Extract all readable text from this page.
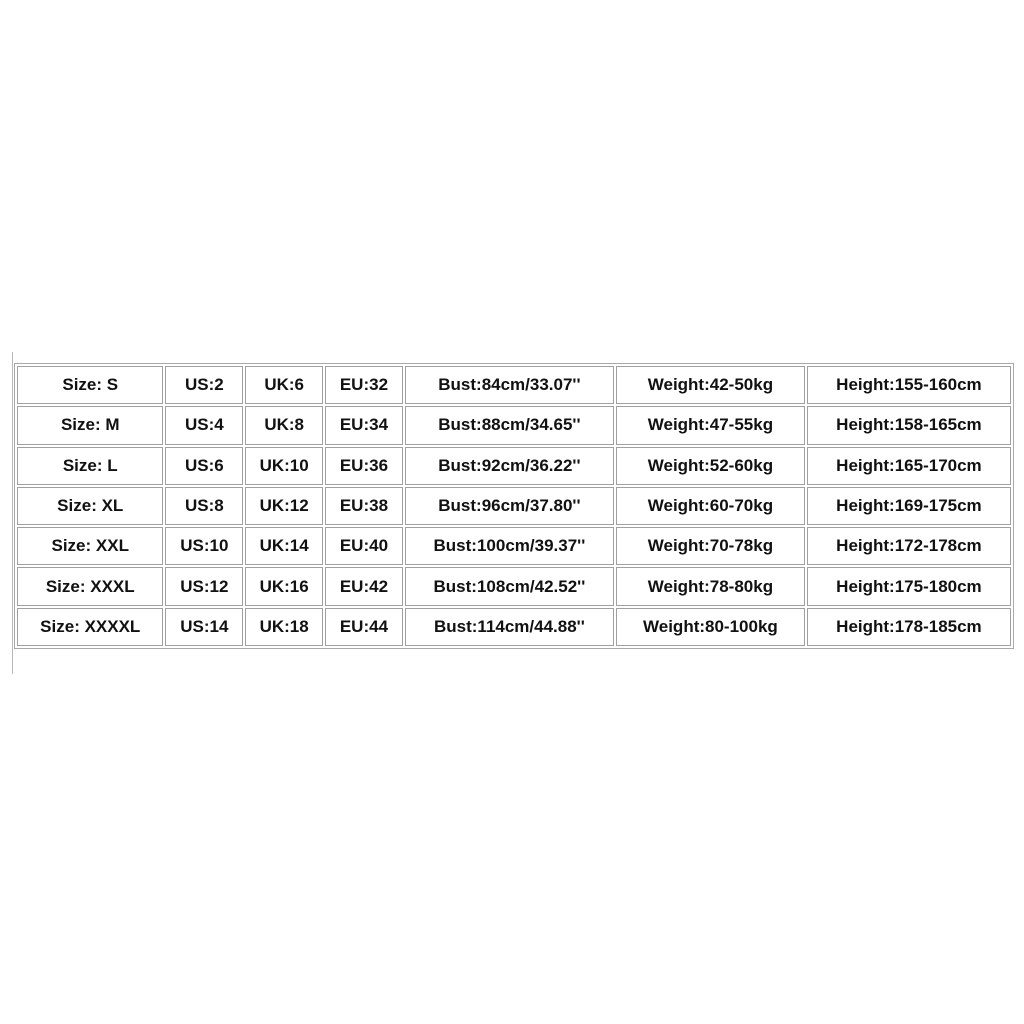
Size: S	US:2	UK:6	EU:32	Bust:84cm/33.07''	Weight:42-50kg	Height:155-160cm
Size: M	US:4	UK:8	EU:34	Bust:88cm/34.65''	Weight:47-55kg	Height:158-165cm
Size: L	US:6	UK:10	EU:36	Bust:92cm/36.22''	Weight:52-60kg	Height:165-170cm
Size: XL	US:8	UK:12	EU:38	Bust:96cm/37.80''	Weight:60-70kg	Height:169-175cm
Size: XXL	US:10	UK:14	EU:40	Bust:100cm/39.37''	Weight:70-78kg	Height:172-178cm
Size: XXXL	US:12	UK:16	EU:42	Bust:108cm/42.52''	Weight:78-80kg	Height:175-180cm
Size: XXXXL	US:14	UK:18	EU:44	Bust:114cm/44.88''	Weight:80-100kg	Height:178-185cm
